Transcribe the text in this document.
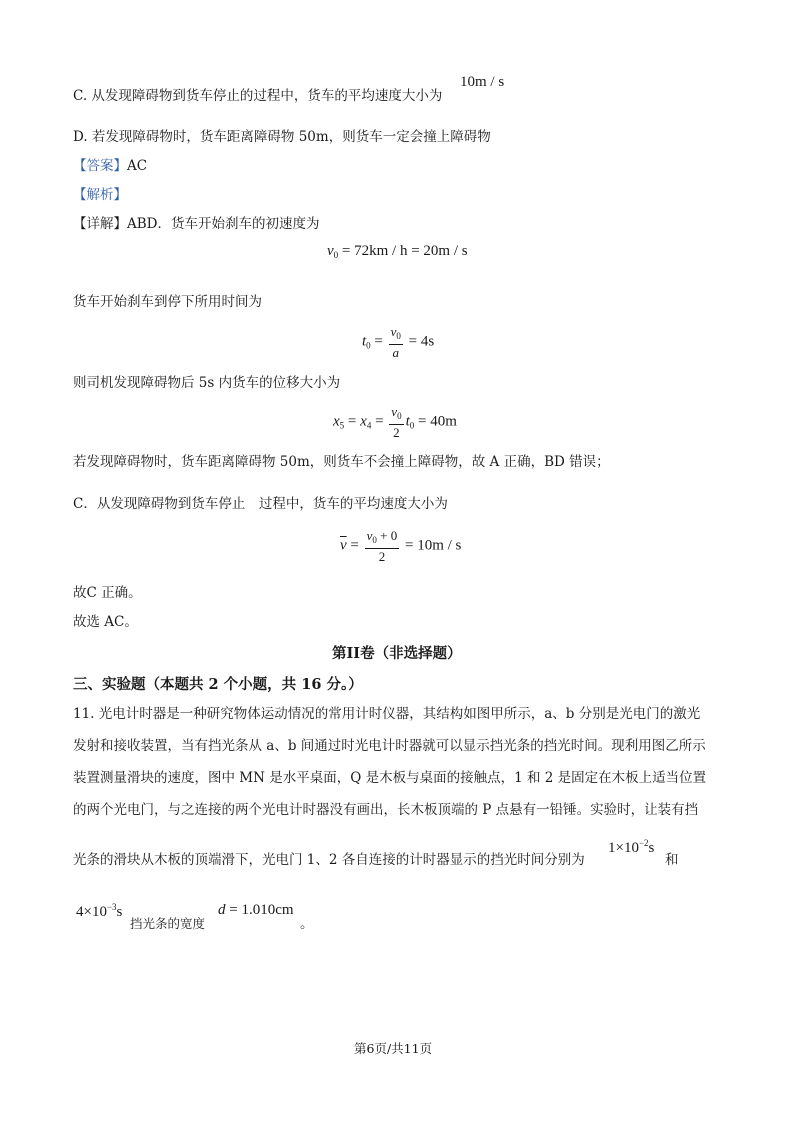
C. 从发现障碍物到货车停止的过程中，货车的平均速度大小为
10m / s
D. 若发现障碍物时，货车距离障碍物 50m，则货车一定会撞上障碍物
【答案】AC
【解析】
【详解】ABD．货车开始刹车的初速度为
$v_0 = 72km / h = 20m / s$
货车开始刹车到停下所用时间为
$t_0 = \frac{v_0}{a} = 4s$
则司机发现障碍物后 5s 内货车的位移大小为
$x_5 = x_4 = \frac{v_0}{2} t_0 = 40m$
若发现障碍物时，货车距离障碍物 50m，则货车不会撞上障碍物，故 A 正确，BD 错误；
C．从发现障碍物到货车停止　过程中，货车的平均速度大小为
$\overline{v} = \frac{v_0 + 0}{2} = 10m / s$
故C 正确。
故选 AC。
第II卷（非选择题）
三、实验题（本题共 2 个小题，共 16 分。）
11. 光电计时器是一种研究物体运动情况的常用计时仪器，其结构如图甲所示，a、b 分别是光电门的激光
发射和接收装置，当有挡光条从 a、b 间通过时光电计时器就可以显示挡光条的挡光时间。现利用图乙所示
装置测量滑块的速度，图中 MN 是水平桌面，Q 是木板与桌面的接触点，1 和 2 是固定在木板上适当位置
的两个光电门，与之连接的两个光电计时器没有画出，长木板顶端的 P 点悬有一铅锤。实验时，让装有挡
光条的滑块从木板的顶端滑下，光电门 1、2 各自连接的计时器显示的挡光时间分别为
$1\times 10^{-2}s$
和
$4\times 10^{-3}s$
挡光条的宽度
d = 1.010cm
。
第6页/共11页
